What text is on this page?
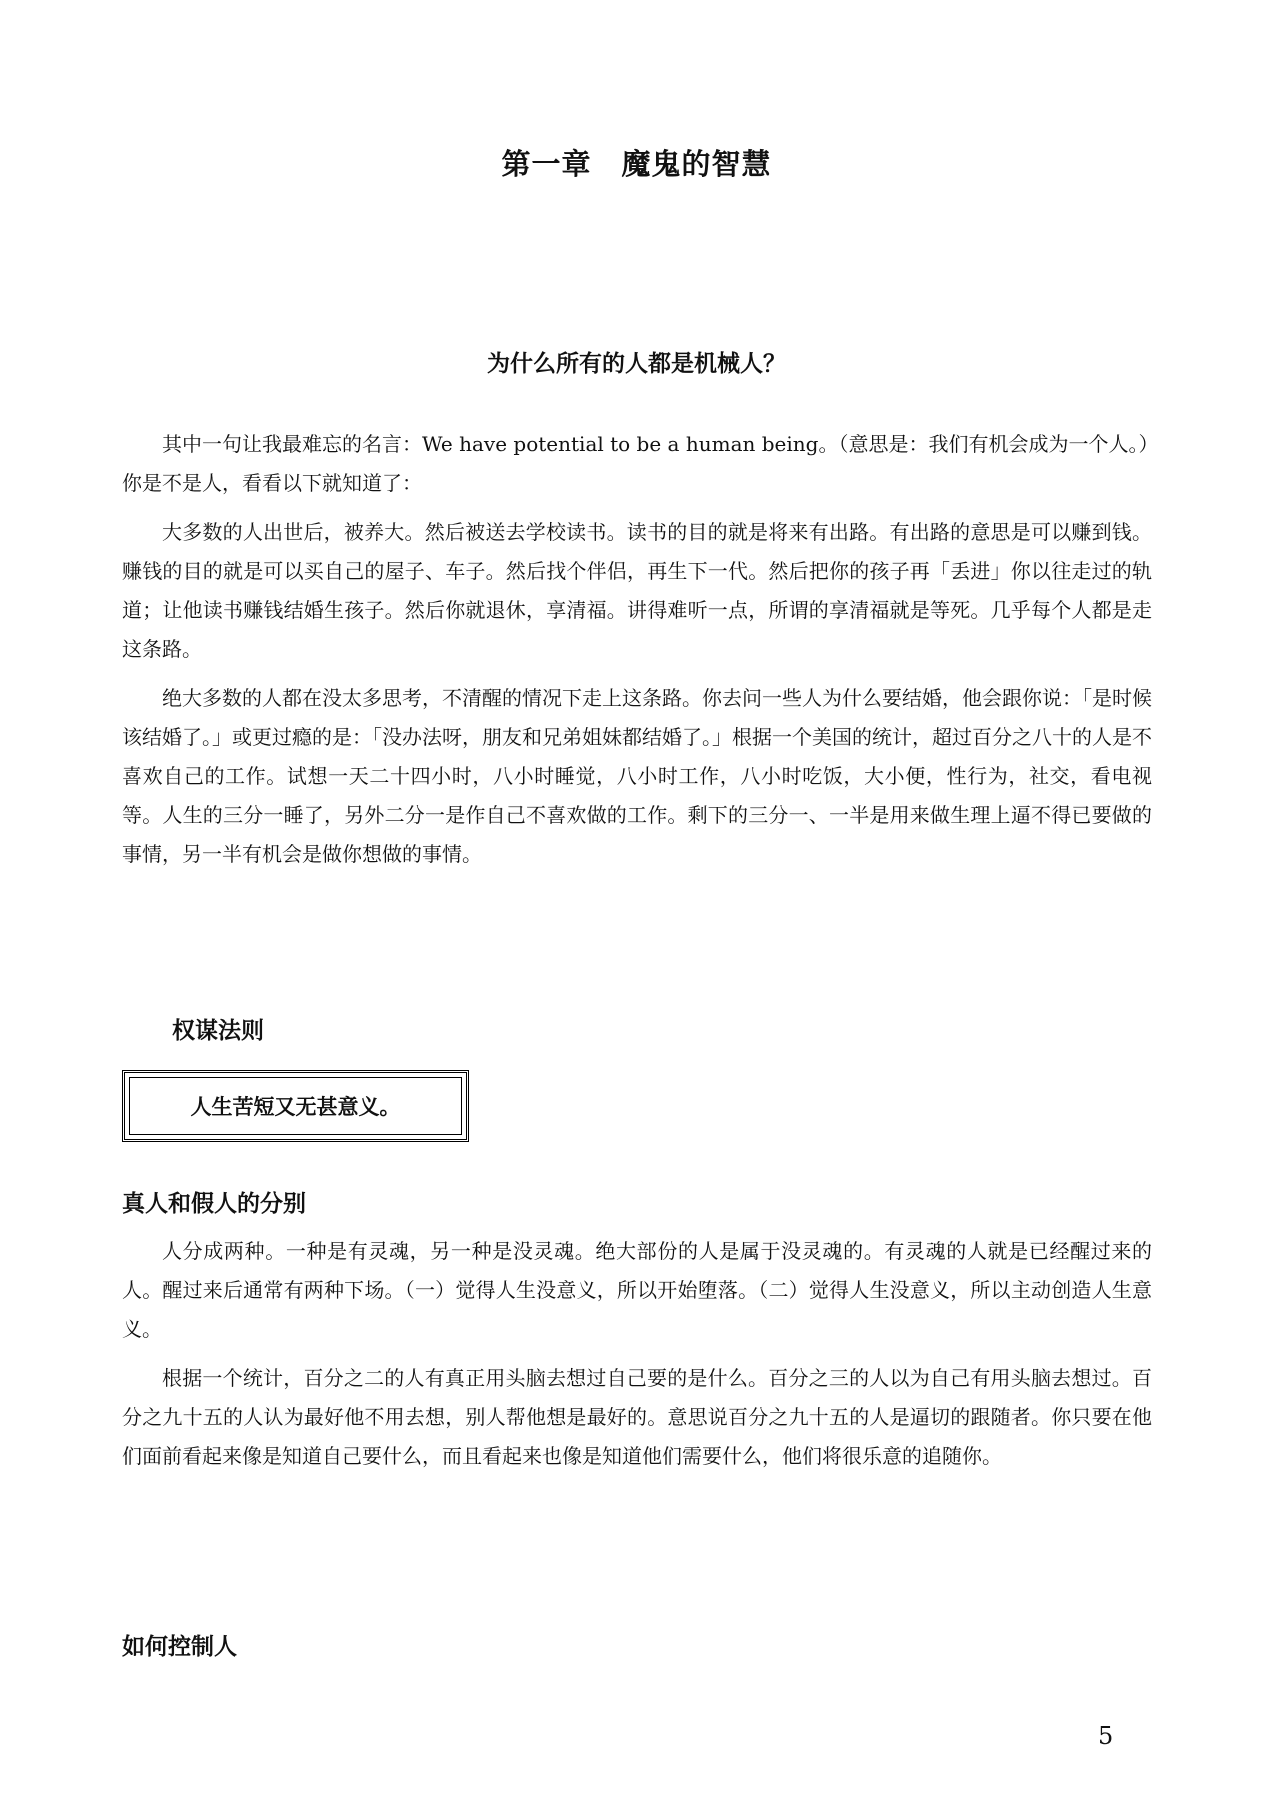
第一章　魔鬼的智慧
为什么所有的人都是机械人？

其中一句让我最难忘的名言：We have potential to be a human being。（意思是：我们有机会成为一个人。）

你是不是人，看看以下就知道了：

大多数的人出世后，被养大。然后被送去学校读书。读书的目的就是将来有出路。有出路的意思是可以赚到钱。赚钱的目的就是可以买自己的屋子、车子。然后找个伴侣，再生下一代。然后把你的孩子再「丢进」你以往走过的轨道；让他读书赚钱结婚生孩子。然后你就退休，享清福。讲得难听一点，所谓的享清福就是等死。几乎每个人都是走这条路。

绝大多数的人都在没太多思考，不清醒的情况下走上这条路。你去问一些人为什么要结婚，他会跟你说：「是时候该结婚了。」或更过瘾的是：「没办法呀，朋友和兄弟姐妹都结婚了。」根据一个美国的统计，超过百分之八十的人是不喜欢自己的工作。试想一天二十四小时，八小时睡觉，八小时工作，八小时吃饭，大小便，性行为，社交，看电视等。人生的三分一睡了，另外二分一是作自己不喜欢做的工作。剩下的三分一、一半是用来做生理上逼不得已要做的事情，另一半有机会是做你想做的事情。

权谋法则
人生苦短又无甚意义。
真人和假人的分别

人分成两种。一种是有灵魂，另一种是没灵魂。绝大部份的人是属于没灵魂的。有灵魂的人就是已经醒过来的人。醒过来后通常有两种下场。（一）觉得人生没意义，所以开始堕落。（二）觉得人生没意义，所以主动创造人生意义。

根据一个统计，百分之二的人有真正用头脑去想过自己要的是什么。百分之三的人以为自己有用头脑去想过。百分之九十五的人认为最好他不用去想，别人帮他想是最好的。意思说百分之九十五的人是逼切的跟随者。你只要在他们面前看起来像是知道自己要什么，而且看起来也像是知道他们需要什么，他们将很乐意的追随你。

如何控制人
5
